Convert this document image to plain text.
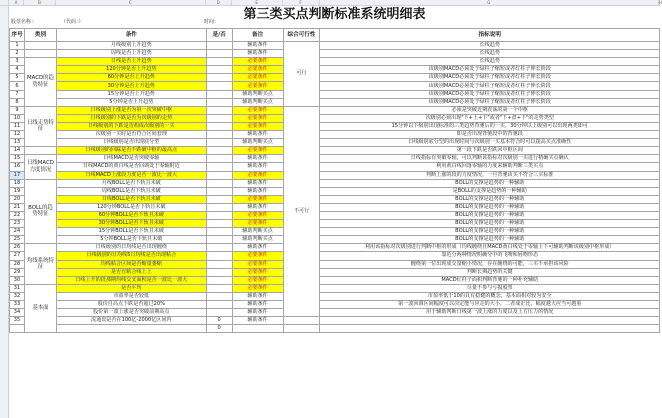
A	B	C	D	E	F	G	H
第三类买点判断标准系统明细表
股票名称：	（代码：）	时间：
序号	类别	条件	是/否	备注	综合可行性	指标说明
1		月线级别上升趋势		辅助条件	可行	长线趋势
2		周线是否上升趋势		辅助条件		长线趋势
3	MACD的趋势特征	日线是否上升趋势		必要条件		长线趋势
4		120分钟是否上升趋势		必要条件		该级别MACD必须处于绿柱子缩短或者红柱子伸长阶段
5		60分钟是否上升趋势		必要条件		该级别MACD必须处于绿柱子缩短或者红柱子伸长阶段
6		30分钟是否上升趋势		必要条件		该级别MACD必须处于绿柱子缩短或者红柱子伸长阶段
7		15分钟是否上升趋势		辅助判断买点		该级别MACD必须处于绿柱子缩短或者红柱子伸长阶段
8		5分钟是否上升趋势		辅助判断买点		该级别MACD必须处于绿柱子缩短或者红柱子伸长阶段
9	日线走势特征	日线级别上涨是否为第一次突破中枢		必要条件	不可行	必须是突破近期震荡的第一个中枢
10		日线级别的下跌是否为次级别的走势		必要条件		次级别必须出现"下+上+下"或者"下+盘+下"的走势类型
11		日线级别的下跌是否构成次级别的一买		必要条件		15分钟以下级别出现标准的三类趋势背驰后的一买，30分钟以上级别可以出现两类即可
12		次级别一买时是否符合区间套理		辅助条件		即是否出现背驰段中的背驰段
13		日线级别是否出现底分型		辅助判断买点		日线级别底分型的出现时间与次级别一买基本符合时可以提高买点准确性
14		日线级别的回踩是否不跌破中枢的最高点		必要条件		第一段下跌是否跌回中枢区间
15	日线MACD力度情况	日线MACD是否突破零轴		辅助条件		日线指标有突破零轴，可以判断该指标对次级别一买进行精确买点确认
16		日线MACD的黄白线是否回调处于零轴附近		辅助条件		利用黄白线回落零轴的力度来辅助判断三类买点
17		日线MACD上涨段力度是否一波比一波大		必要条件		判断上涨的段的力度情况，一旦背驰该买不符合三买标准
18	BOLL的趋势特征	月线BOLL是否下轨且未破		辅助条件		BOLL的支撑是趋势的一种辅助
19		周线BOLL是否下轨且未破		辅助条件		是BOLL的支撑是趋势的一种辅助
20		日线BOLL是否下轨且未破		必要条件		BOLL的支撑是趋势的一种辅助
21		120分钟BOLL是否下轨且未破		辅助条件		BOLL的支撑是趋势的一种辅助
22		60分钟BOLL是否下轨且未破		必要条件		BOLL的支撑是趋势的一种辅助
23		30分钟BOLL是否下轨且未破		必要条件		BOLL的支撑是趋势的一种辅助
24		15分钟BOLL是否下轨且未破		辅助判断买点		BOLL的支撑是趋势的一种辅助
25		5分钟BOLL是否下轨且未破		辅助判断买点		BOLL的支撑是趋势的一种辅助
26	均线系统特征	日线级别的日均线是否出现缠绕		辅助条件		利用该指标对次级别进行判断中枢的形成（均线缠绕且MACD黄白线处于零轴上下可辅助判断该级别中枢形成）
27		日线级别的日均线5日均线是否出现粘合		必要条件		靠近分两种情况明确分中的飞吻和唇吻形态
28		均线粘合区间是否缩量萎缩		必要条件		缠绕第一位出现成交量缩小情况，存在缠绕的可能，三买不承担该风险
29		是否有粘合线上上		必要条件		判断长期趋势的关键
30		日线上升的段那期均线交叉面积是否一波比一波大		必要条件		MACD红柱子面积判断背驰的一种补充辅助
31	基本面	是否平均		必要条件		尽量不参与亏损股票
32		市盈率是否较低		辅助条件		市盈率低于10的具有稳健的概念，基本面相对较为安全
33		股价自高点下跌是否超过20%		辅助条件		第一波回调区间幅度可以决定能与应走的大小，二者成正比，幅度越大应当可越重
34		股价第一波上涨是否突破前期高点		辅助条件		用于辅助判断日线第一波上涨的力度以及上方压力的情况
35		流通盘是否在100亿-2000亿区间内	0	辅助条件		
			0			
